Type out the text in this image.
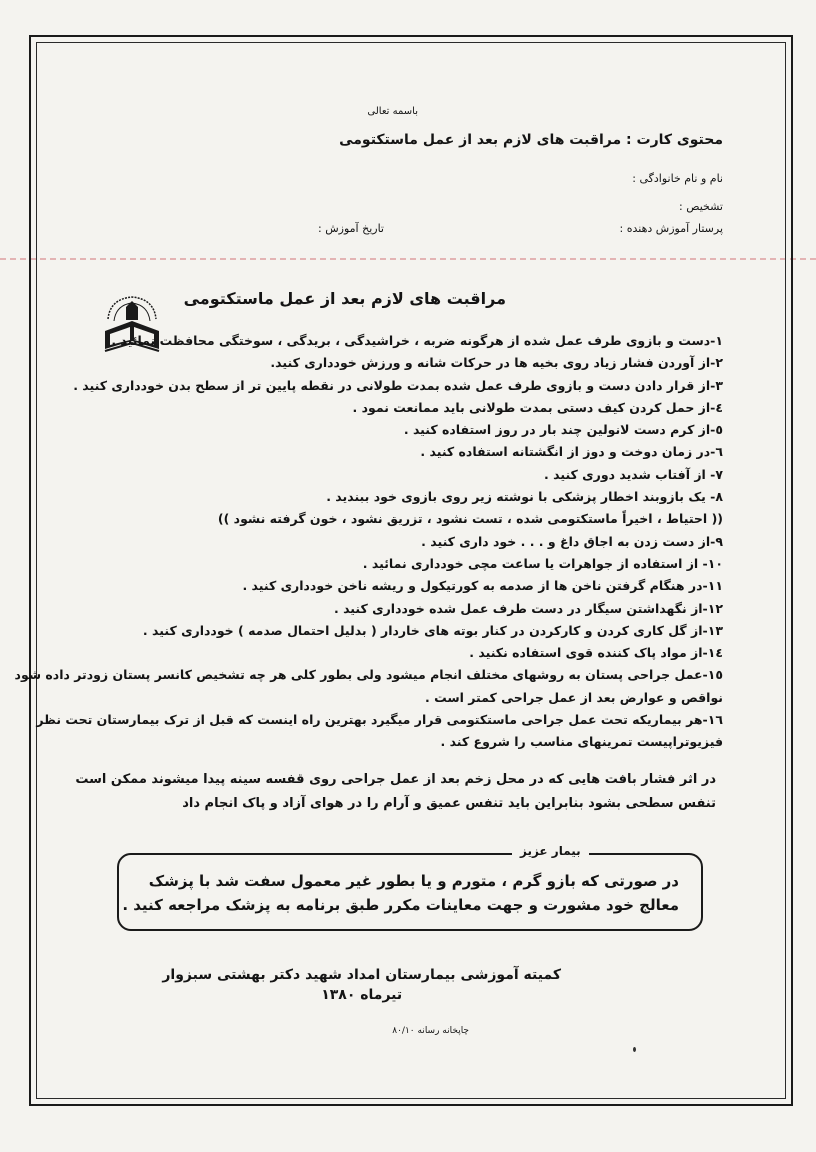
باسمه تعالی
محتوی کارت : مراقبت های لازم بعد از عمل ماستکتومی
نام و نام خانوادگی :
تشخیص :
پرستار آموزش دهنده :
تاریخ آموزش :
مراقبت های لازم بعد از عمل ماستکتومی
۱-دست و بازوی طرف عمل شده از هرگونه ضربه ، خراشیدگی ، بریدگی ، سوختگی محافظت نمائید .
۲-از آوردن فشار زیاد روی بخیه ها در حرکات شانه و ورزش خودداری کنید.
۳-از قرار دادن دست و بازوی طرف عمل شده بمدت طولانی در نقطه پایین تر از سطح بدن خودداری کنید .
٤-از حمل کردن کیف دستی بمدت طولانی باید ممانعت نمود .
٥-از کرم دست لانولین چند بار در روز استفاده کنید .
٦-در زمان دوخت و دوز از انگشتانه استفاده کنید .
۷- از آفتاب شدید دوری کنید .
۸- یک بازوبند اخطار پزشکی با نوشته زیر روی بازوی خود ببندید .
(( احتیاط ، اخیراً ماستکتومی شده ، تست نشود ، تزریق نشود ، خون گرفته نشود ))
۹-از دست زدن به اجاق داغ و . . . خود داری کنید .
۱۰- از استفاده از جواهرات یا ساعت مچی خودداری نمائید .
۱۱-در هنگام گرفتن ناخن ها از صدمه به کورتیکول و ریشه ناخن خودداری کنید .
۱۲-از نگهداشتن سیگار در دست طرف عمل شده خودداری کنید .
۱۳-از گل کاری کردن و کارکردن در کنار بوته های خاردار ( بدلیل احتمال صدمه ) خودداری کنید .
١٤-از مواد پاک کننده قوی استفاده نکنید .
١٥-عمل جراحی پستان به روشهای مختلف انجام میشود ولی بطور کلی هر چه تشخیص کانسر پستان زودتر داده شود
نواقص و عوارض بعد از عمل جراحی کمتر است .
۱٦-هر بیماریکه تحت عمل جراحی ماستکتومی قرار میگیرد بهترین راه اینست که قبل از ترک بیمارستان تحت نظر
فیزیوتراپیست تمرینهای مناسب را شروع کند .
در اثر فشار بافت هایی که در محل زخم بعد از عمل جراحی روی قفسه سینه پیدا میشوند ممکن است
تنفس سطحی بشود بنابراین باید تنفس عمیق و آرام را در هوای آزاد و پاک انجام داد
بیمار عزیز
در صورتی که بازو گرم ، متورم و یا بطور غیر معمول سفت شد با پزشک
معالج خود مشورت و جهت معاینات مکرر طبق برنامه به پزشک مراجعه کنید .
کمیته آموزشی بیمارستان امداد شهید دکتر بهشتی سبزوار
تیرماه ۱۳۸۰
چاپخانه رسانه ۸۰/۱۰
